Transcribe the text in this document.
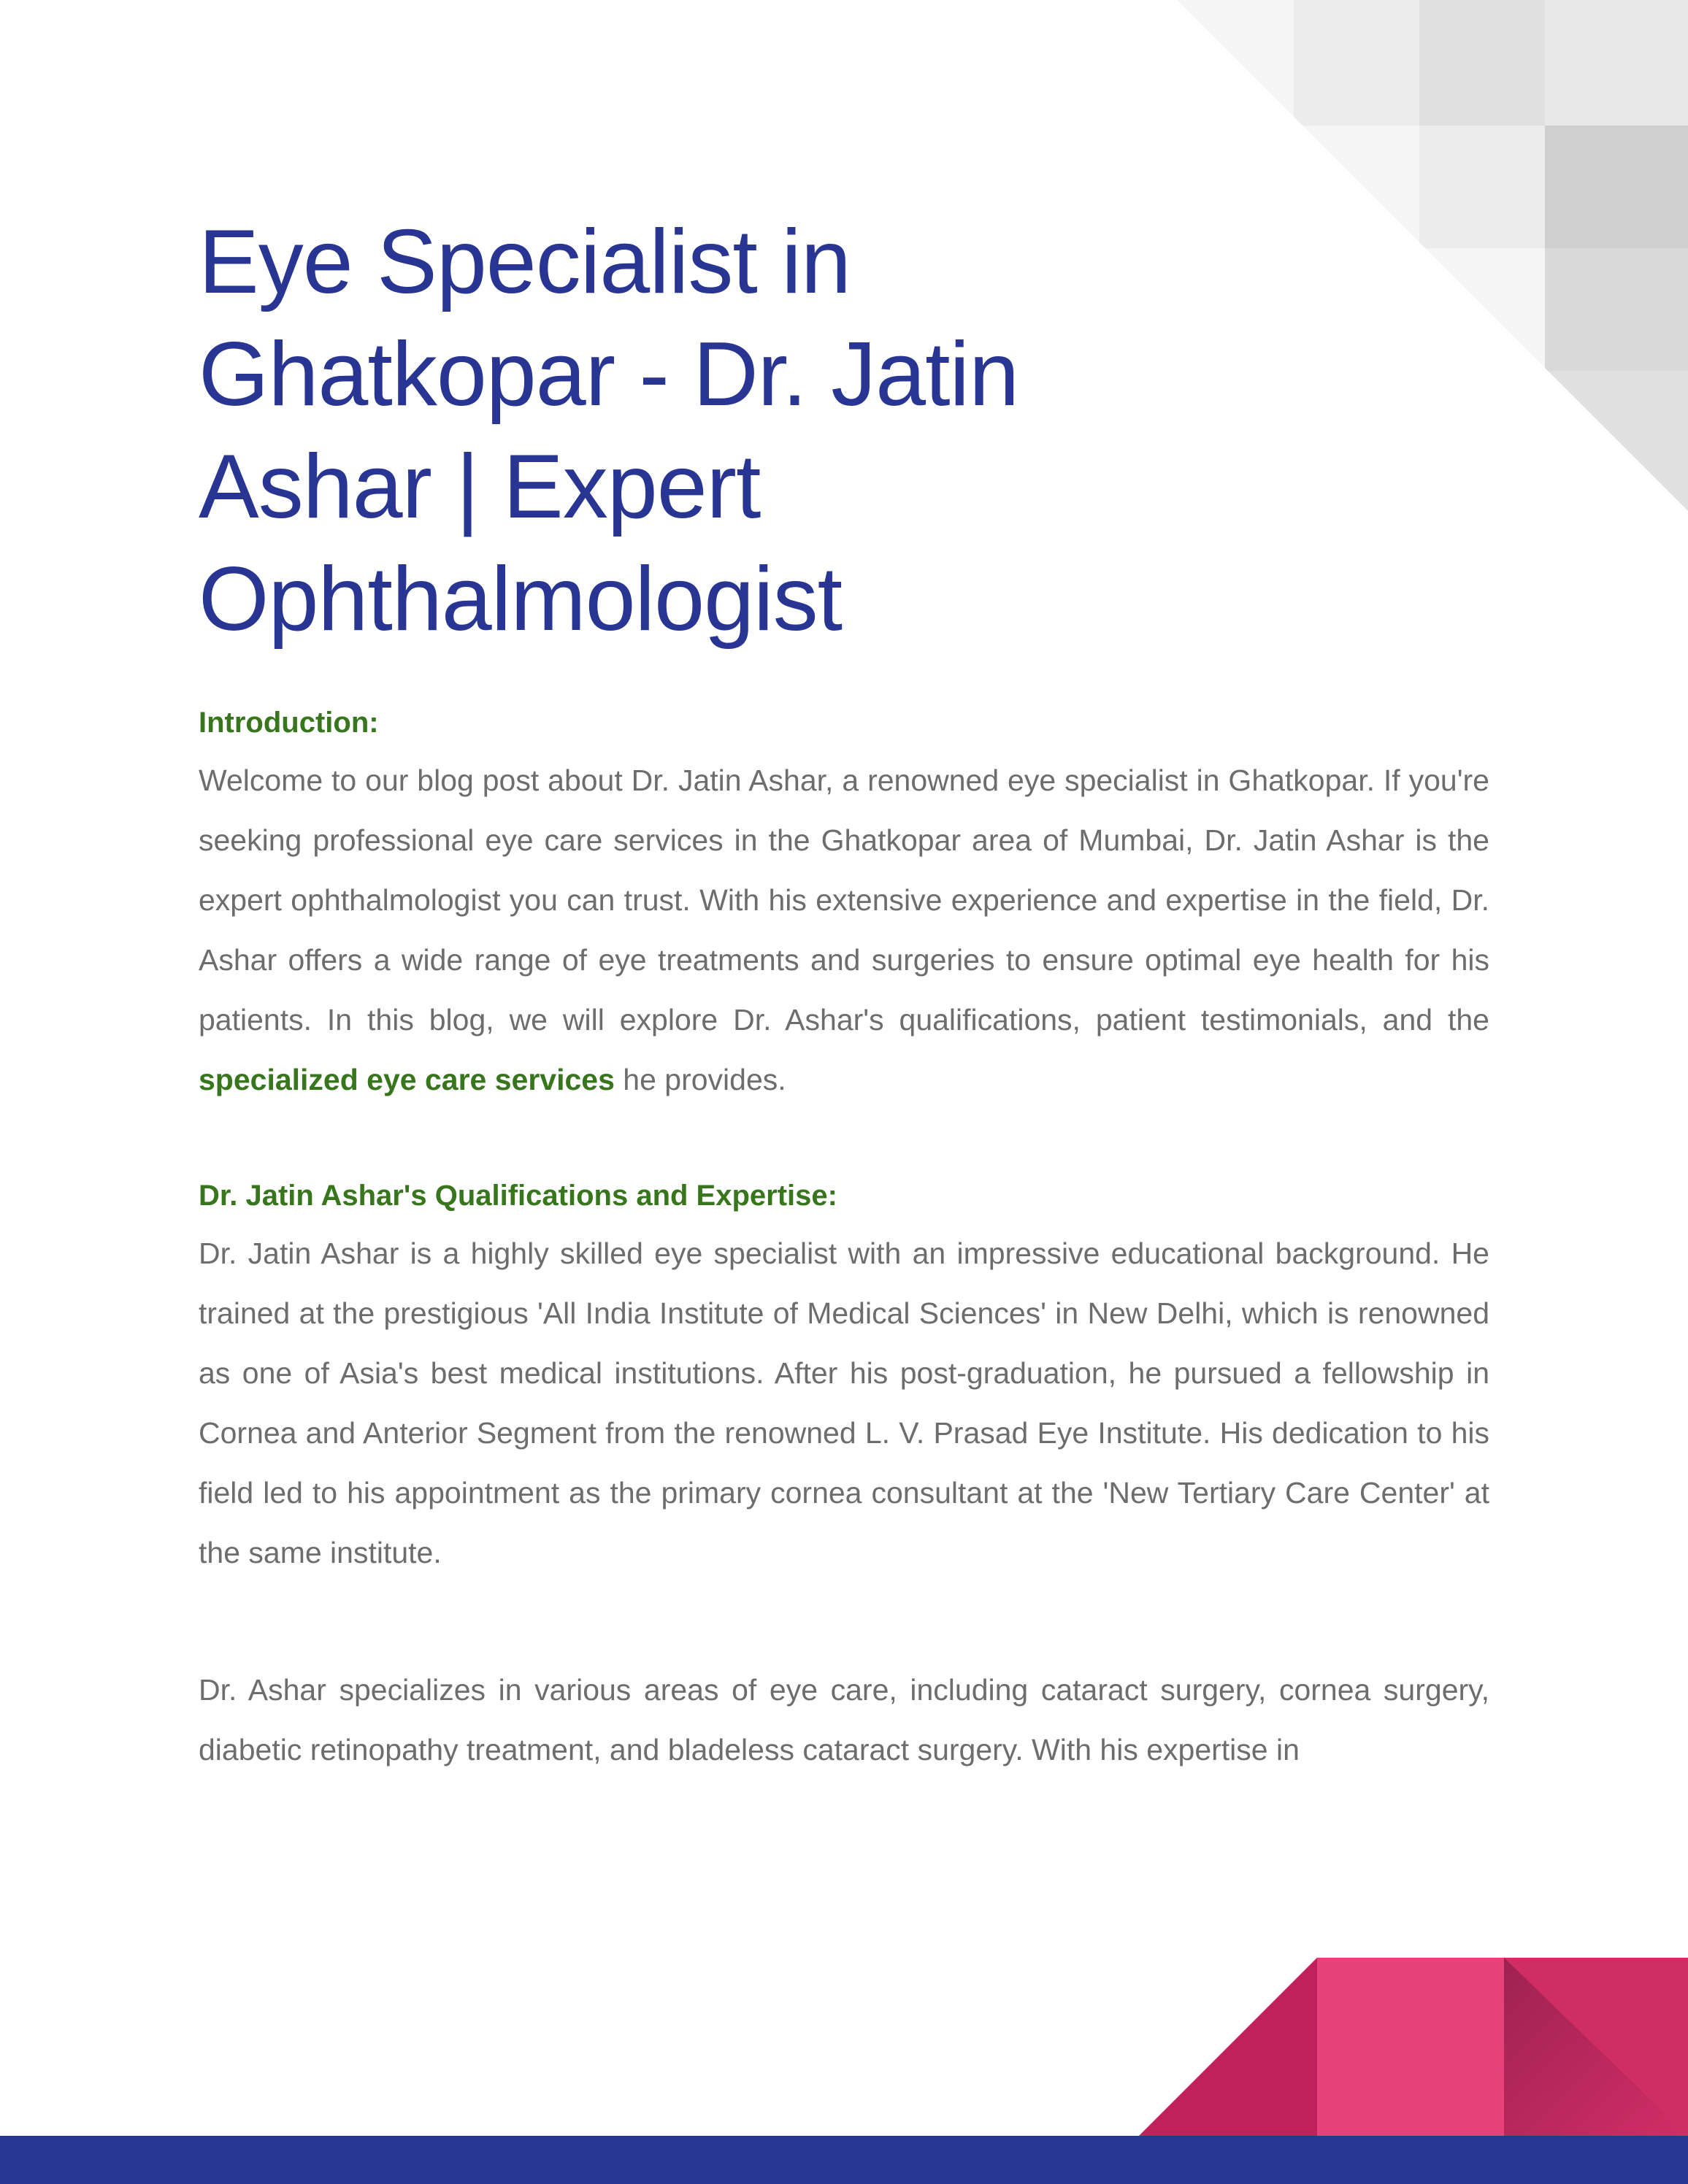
Eye Specialist in Ghatkopar - Dr. Jatin Ashar | Expert Ophthalmologist
Introduction:

Welcome to our blog post about Dr. Jatin Ashar, a renowned eye specialist in Ghatkopar. If you're seeking professional eye care services in the Ghatkopar area of Mumbai, Dr. Jatin Ashar is the expert ophthalmologist you can trust. With his extensive experience and expertise in the field, Dr. Ashar offers a wide range of eye treatments and surgeries to ensure optimal eye health for his patients. In this blog, we will explore Dr. Ashar's qualifications, patient testimonials, and the specialized eye care services he provides.

Dr. Jatin Ashar's Qualifications and Expertise:

Dr. Jatin Ashar is a highly skilled eye specialist with an impressive educational background. He trained at the prestigious 'All India Institute of Medical Sciences' in New Delhi, which is renowned as one of Asia's best medical institutions. After his post-graduation, he pursued a fellowship in Cornea and Anterior Segment from the renowned L. V. Prasad Eye Institute. His dedication to his field led to his appointment as the primary cornea consultant at the 'New Tertiary Care Center' at the same institute.

Dr. Ashar specializes in various areas of eye care, including cataract surgery, cornea surgery, diabetic retinopathy treatment, and bladeless cataract surgery. With his expertise in
